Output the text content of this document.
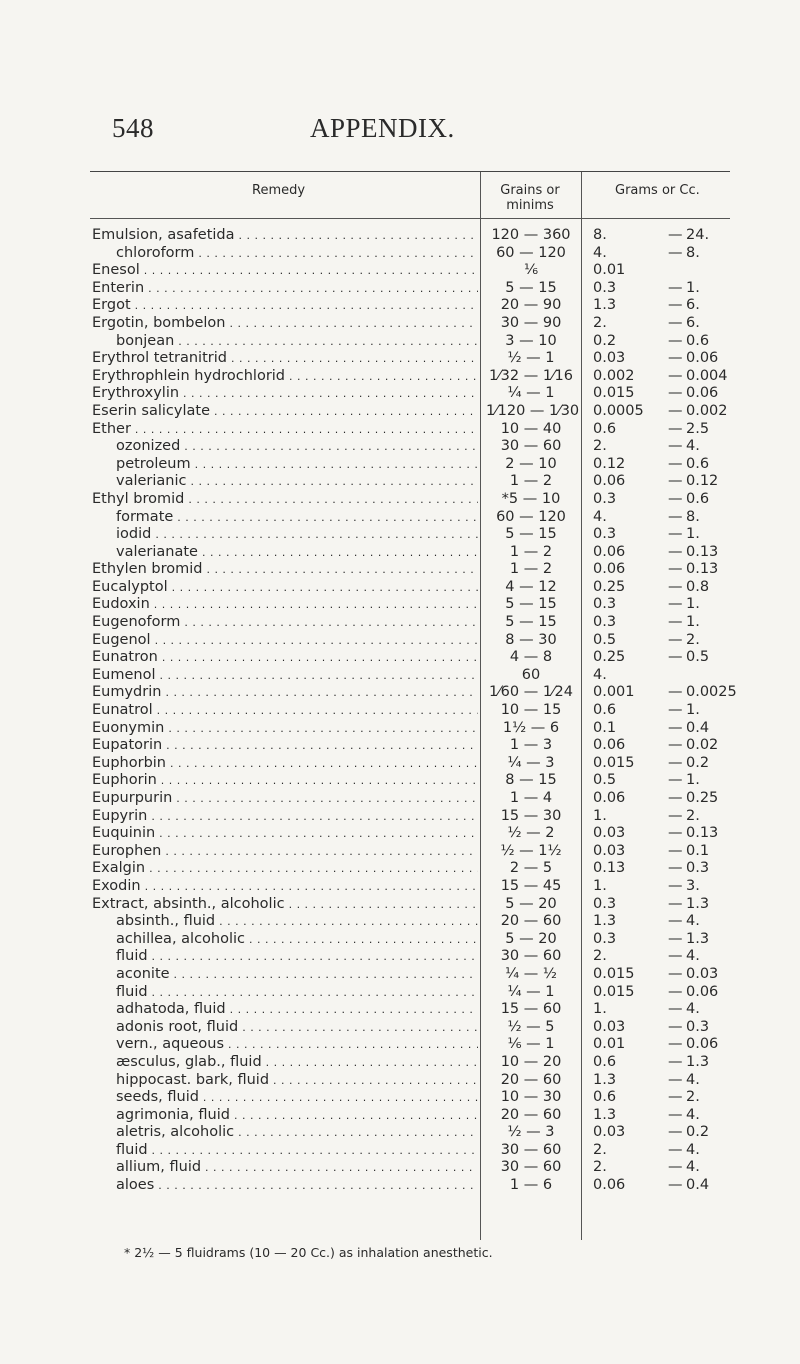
548	APPENDIX.
Remedy	Grains or minims
Grams or Cc.
Emulsion, asafetida . . .	120 — 360	8.	— 24.
chloroform . . .	60 — 120	4.	— 8.
Enesol . . .	⅙	0.01
Enterin . . .	5 — 15	0.3	— 1.
Ergot . . .	20 — 90	1.3	— 6.
Ergotin, bombelon . . .	30 — 90	2.	— 6.
bonjean . . .	3 — 10	0.2	— 0.6
Erythrol tetranitrid . . .	½ — 1	0.03	— 0.06
Erythrophlein hydrochlorid . . .	1⁄32 — 1⁄16 0.002 — 0.004
Erythroxylin . . .	¼ — 1	0.015 — 0.06
Eserin salicylate . . .	1⁄120 — 1⁄30 0.0005 — 0.002
Ether . . .	10 — 40	0.6	— 2.5
ozonized . . .	30 — 60	2.	— 4.
petroleum . . .	2 — 10	0.12	— 0.6
valerianic . . .	1 — 2	0.06	— 0.12
Ethyl bromid . . .	*5 — 10	0.3	— 0.6
formate . . .	60 — 120	4.	— 8.
iodid . . .	5 — 15	0.3	— 1.
valerianate . . .	1 — 2	0.06	— 0.13
Ethylen bromid . . .	1 — 2	0.06	— 0.13
Eucalyptol . . .	4 — 12	0.25	— 0.8
Eudoxin . . .	5 — 15	0.3	— 1.
Eugenoform . . .	5 — 15	0.3	— 1.
Eugenol . . .	8 — 30	0.5	— 2.
Eunatron . . .	4 — 8	0.25	— 0.5
Eumenol . . .	60	4.
Eumydrin . . .	1⁄60 — 1⁄24 0.001 — 0.0025
Eunatrol . . .	10 — 15	0.6	— 1.
Euonymin . . .	1½ — 6	0.1	— 0.4
Eupatorin . . .	1 — 3	0.06	— 0.02
Euphorbin . . .	¼ — 3	0.015 — 0.2
Euphorin . . .	8 — 15	0.5	— 1.
Eupurpurin . . .	1 — 4	0.06	— 0.25
Eupyrin . . .	15 — 30	1.	— 2.
Euquinin . . .	½ — 2	0.03	— 0.13
Europhen . . .	½ — 1½	0.03	— 0.1
Exalgin . . .	2 — 5	0.13	— 0.3
Exodin . . .	15 — 45	1.	— 3.
Extract, absinth., alcoholic . . .	5 — 20	0.3	— 1.3
absinth., fluid . . .	20 — 60	1.3	— 4.
achillea, alcoholic . . .	5 — 20	0.3	— 1.3
fluid . . .	30 — 60	2.	— 4.
aconite . . .	¼ — ½	0.015 — 0.03
fluid . . .	¼ — 1	0.015 — 0.06
adhatoda, fluid . . .	15 — 60	1.	— 4.
adonis root, fluid . . .	½ — 5	0.03	— 0.3
vern., aqueous . . .	⅙ — 1	0.01	— 0.06
æsculus, glab., fluid . . .	10 — 20	0.6	— 1.3
hippocast. bark, fluid . . .	20 — 60	1.3	— 4.
seeds, fluid . . .	10 — 30	0.6	— 2.
agrimonia, fluid . . .	20 — 60	1.3	— 4.
aletris, alcoholic . . .	½ — 3	0.03	— 0.2
fluid . . .	30 — 60	2.	— 4.
allium, fluid . . .	30 — 60	2.	— 4.
aloes . . .	1 — 6	0.06	— 0.4
* 2½ — 5 fluidrams (10 — 20 Cc.) as inhalation anesthetic.
